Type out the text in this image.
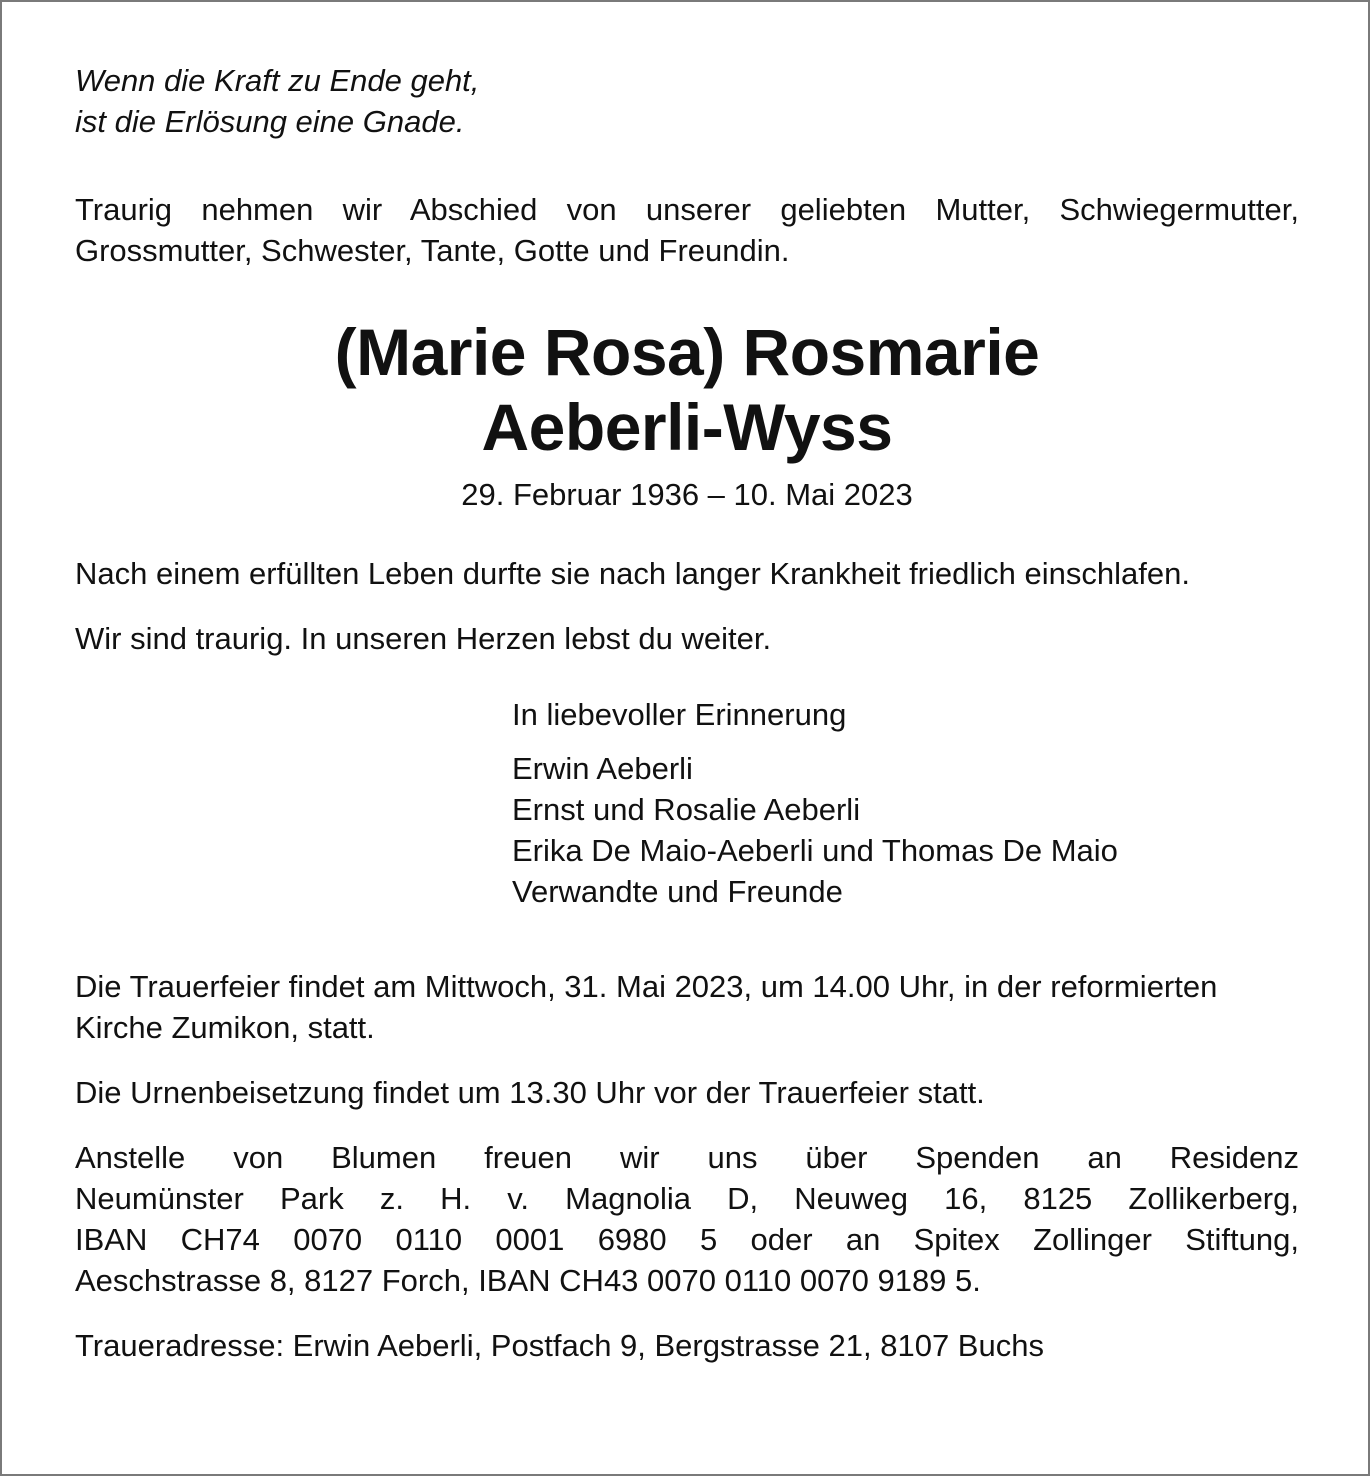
Wenn die Kraft zu Ende geht,
ist die Erlösung eine Gnade.

Traurig nehmen wir Abschied von unserer geliebten Mutter, Schwiegermutter,
Grossmutter, Schwester, Tante, Gotte und Freundin.

(Marie Rosa) Rosmarie
Aeberli-Wyss
29. Februar 1936 – 10. Mai 2023

Nach einem erfüllten Leben durfte sie nach langer Krankheit friedlich einschlafen.

Wir sind traurig. In unseren Herzen lebst du weiter.

In liebevoller Erinnerung
Erwin Aeberli
Ernst und Rosalie Aeberli
Erika De Maio-Aeberli und Thomas De Maio
Verwandte und Freunde

Die Trauerfeier findet am Mittwoch, 31. Mai 2023, um 14.00 Uhr, in der reformierten
Kirche Zumikon, statt.

Die Urnenbeisetzung findet um 13.30 Uhr vor der Trauerfeier statt.

Anstelle von Blumen freuen wir uns über Spenden an Residenz
Neumünster Park z. H. v. Magnolia D, Neuweg 16, 8125 Zollikerberg,
IBAN CH74 0070 0110 0001 6980 5 oder an Spitex Zollinger Stiftung,
Aeschstrasse 8, 8127 Forch, IBAN CH43 0070 0110 0070 9189 5.

Traueradresse: Erwin Aeberli, Postfach 9, Bergstrasse 21, 8107 Buchs
